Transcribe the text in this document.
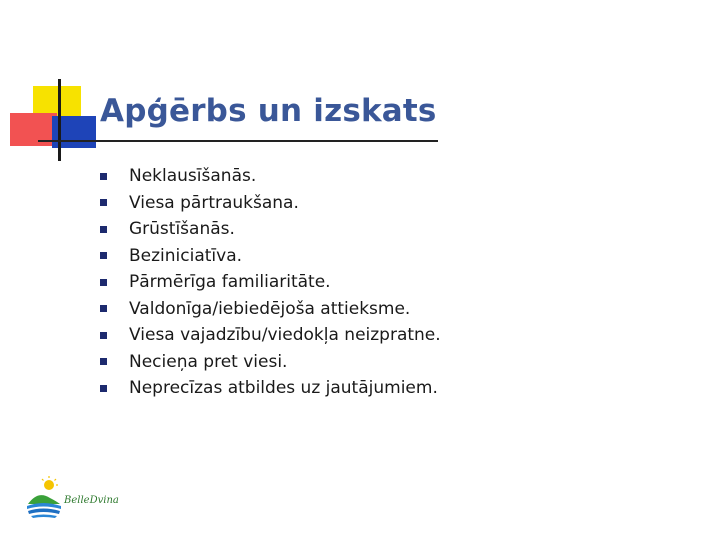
Apģērbs un izskats
Neklausīšanās.
Viesa pārtraukšana.
Grūstīšanās.
Beziniciatīva.
Pārmērīga familiaritāte.
Valdonīga/iebiedējoša attieksme.
Viesa vajadzību/viedokļa neizpratne.
Necieņa pret viesi.
Neprecīzas atbildes uz jautājumiem.
BelleDvina
